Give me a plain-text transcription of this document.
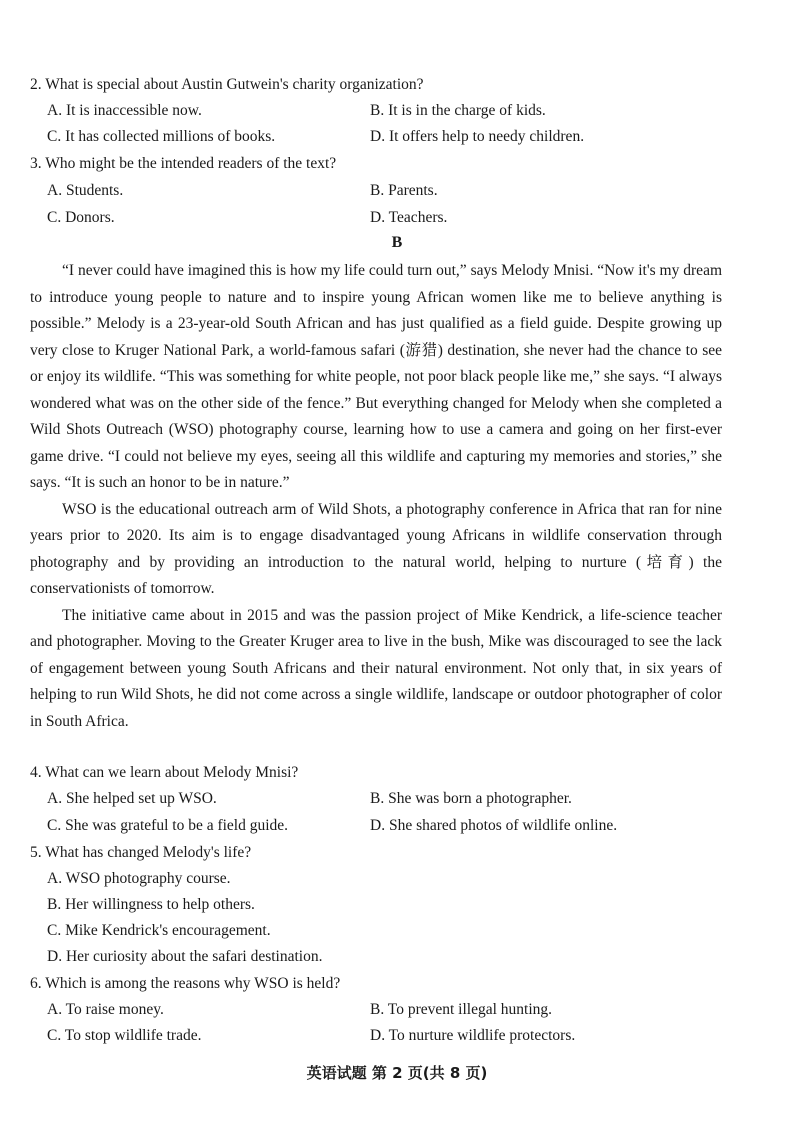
2. What is special about Austin Gutwein's charity organization?
A. It is inaccessible now.	B. It is in the charge of kids.
C. It has collected millions of books.	D. It offers help to needy children.
3. Who might be the intended readers of the text?
A. Students.	B. Parents.
C. Donors.	D. Teachers.
B

“I never could have imagined this is how my life could turn out,” says Melody Mnisi. “Now it's my dream to introduce young people to nature and to inspire young African women like me to believe anything is possible.” Melody is a 23-year-old South African and has just qualified as a field guide. Despite growing up very close to Kruger National Park, a world-famous safari (游猎) destination, she never had the chance to see or enjoy its wildlife. “This was something for white people, not poor black people like me,” she says. “I always wondered what was on the other side of the fence.” But everything changed for Melody when she completed a Wild Shots Outreach (WSO) photography course, learning how to use a camera and going on her first-ever game drive. “I could not believe my eyes, seeing all this wildlife and capturing my memories and stories,” she says. “It is such an honor to be in nature.”

WSO is the educational outreach arm of Wild Shots, a photography conference in Africa that ran for nine years prior to 2020. Its aim is to engage disadvantaged young Africans in wildlife conservation through photography and by providing an introduction to the natural world, helping to nurture (培育) the conservationists of tomorrow.

The initiative came about in 2015 and was the passion project of Mike Kendrick, a life-science teacher and photographer. Moving to the Greater Kruger area to live in the bush, Mike was discouraged to see the lack of engagement between young South Africans and their natural environment. Not only that, in six years of helping to run Wild Shots, he did not come across a single wildlife, landscape or outdoor photographer of color in South Africa.

4. What can we learn about Melody Mnisi?
A. She helped set up WSO.	B. She was born a photographer.
C. She was grateful to be a field guide.	D. She shared photos of wildlife online.
5. What has changed Melody's life?
A. WSO photography course.
B. Her willingness to help others.
C. Mike Kendrick's encouragement.
D. Her curiosity about the safari destination.
6. Which is among the reasons why WSO is held?
A. To raise money.	B. To prevent illegal hunting.
C. To stop wildlife trade.	D. To nurture wildlife protectors.
英语试题 第 2 页(共 8 页)
